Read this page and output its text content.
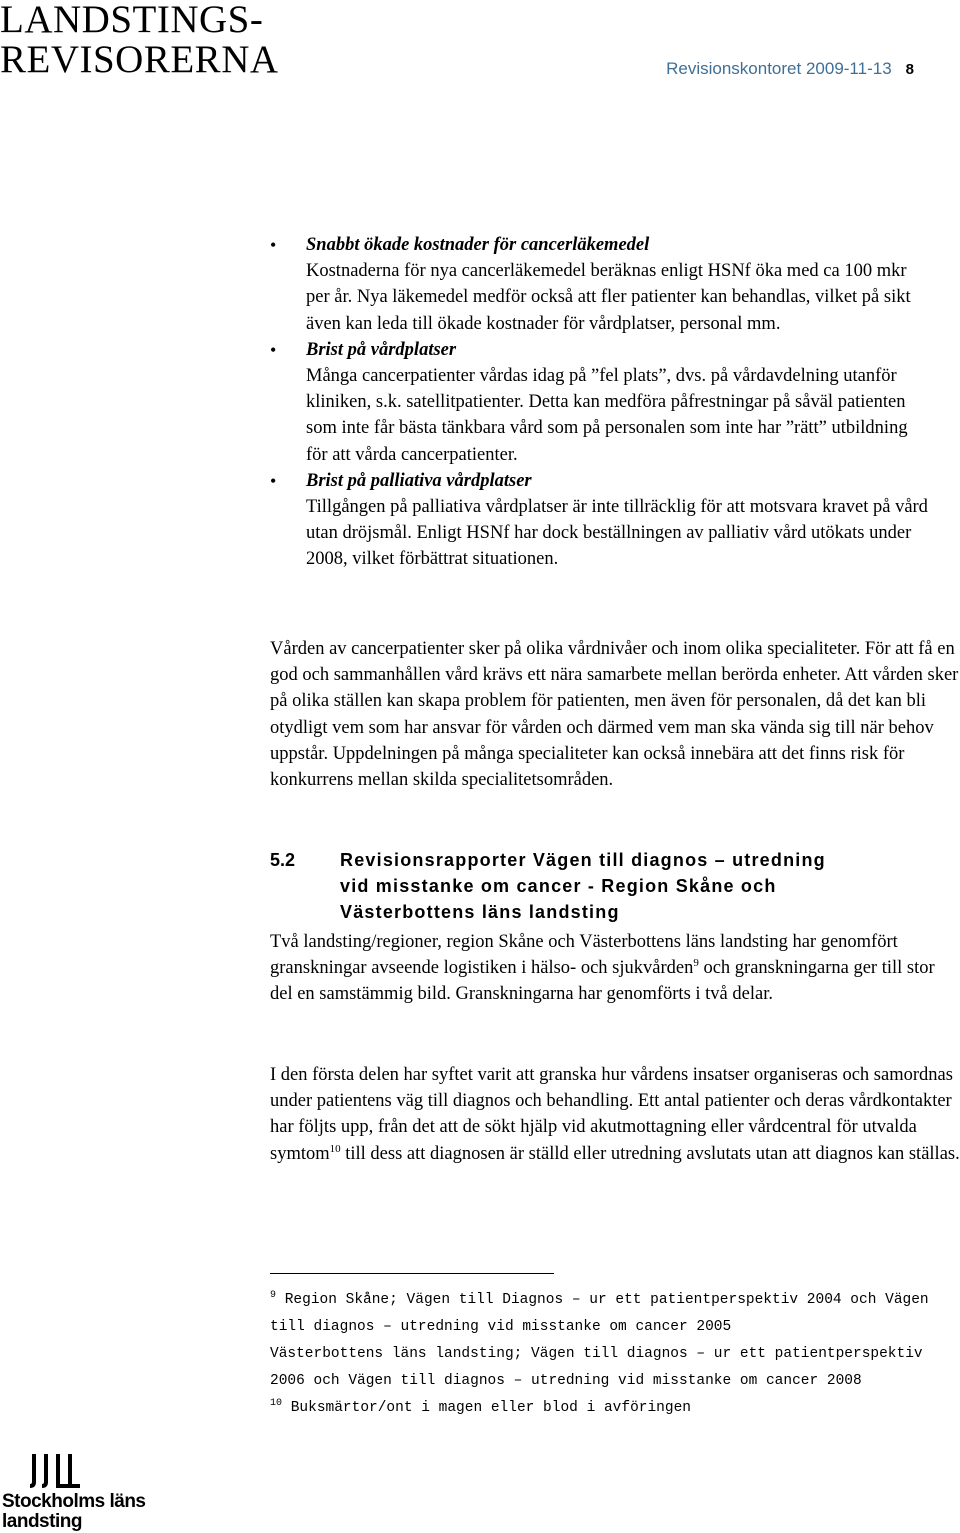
LANDSTINGS-
REVISORERNA	Revisionskontoret 2009-11-13 8
• Snabbt ökade kostnader för cancerläkemedel
Kostnaderna för nya cancerläkemedel beräknas enligt HSNf öka med ca 100 mkr per år. Nya läkemedel medför också att fler patienter kan behandlas, vilket på sikt även kan leda till ökade kostnader för vårdplatser, personal mm.
• Brist på vårdplatser
Många cancerpatienter vårdas idag på ”fel plats”, dvs. på vårdavdelning utanför kliniken, s.k. satellitpatienter. Detta kan medföra påfrestningar på såväl patienten som inte får bästa tänkbara vård som på personalen som inte har ”rätt” utbildning för att vårda cancerpatienter.
• Brist på palliativa vårdplatser
Tillgången på palliativa vårdplatser är inte tillräcklig för att motsvara kravet på vård utan dröjsmål. Enligt HSNf har dock beställningen av palliativ vård utökats under 2008, vilket förbättrat situationen.

Vården av cancerpatienter sker på olika vårdnivåer och inom olika specialiteter. För att få en god och sammanhållen vård krävs ett nära samarbete mellan berörda enheter. Att vården sker på olika ställen kan skapa problem för patienten, men även för personalen, då det kan bli otydligt vem som har ansvar för vården och därmed vem man ska vända sig till när behov uppstår. Uppdelningen på många specialiteter kan också innebära att det finns risk för konkurrens mellan skilda specialitetsområden.

5.2 Revisionsrapporter Vägen till diagnos – utredning
vid misstanke om cancer - Region Skåne och
Västerbottens läns landsting

Två landsting/regioner, region Skåne och Västerbottens läns landsting har genomfört granskningar avseende logistiken i hälso- och sjukvården$^9$ och granskningarna ger till stor del en samstämmig bild. Granskningarna har genomförts i två delar.

I den första delen har syftet varit att granska hur vårdens insatser organiseras och samordnas under patientens väg till diagnos och behandling. Ett antal patienter och deras vårdkontakter har följts upp, från det att de sökt hjälp vid akutmottagning eller vårdcentral för utvalda symtom$^{10}$ till dess att diagnosen är ställd eller utredning avslutats utan att diagnos kan ställas.

$^9$ Region Skåne; Vägen till Diagnos – ur ett patientperspektiv 2004 och Vägen till diagnos – utredning vid misstanke om cancer 2005
Västerbottens läns landsting; Vägen till diagnos – ur ett patientperspektiv 2006 och Vägen till diagnos – utredning vid misstanke om cancer 2008
$^{10}$ Buksmärtor/ont i magen eller blod i avföringen
Stockholms läns
landsting
